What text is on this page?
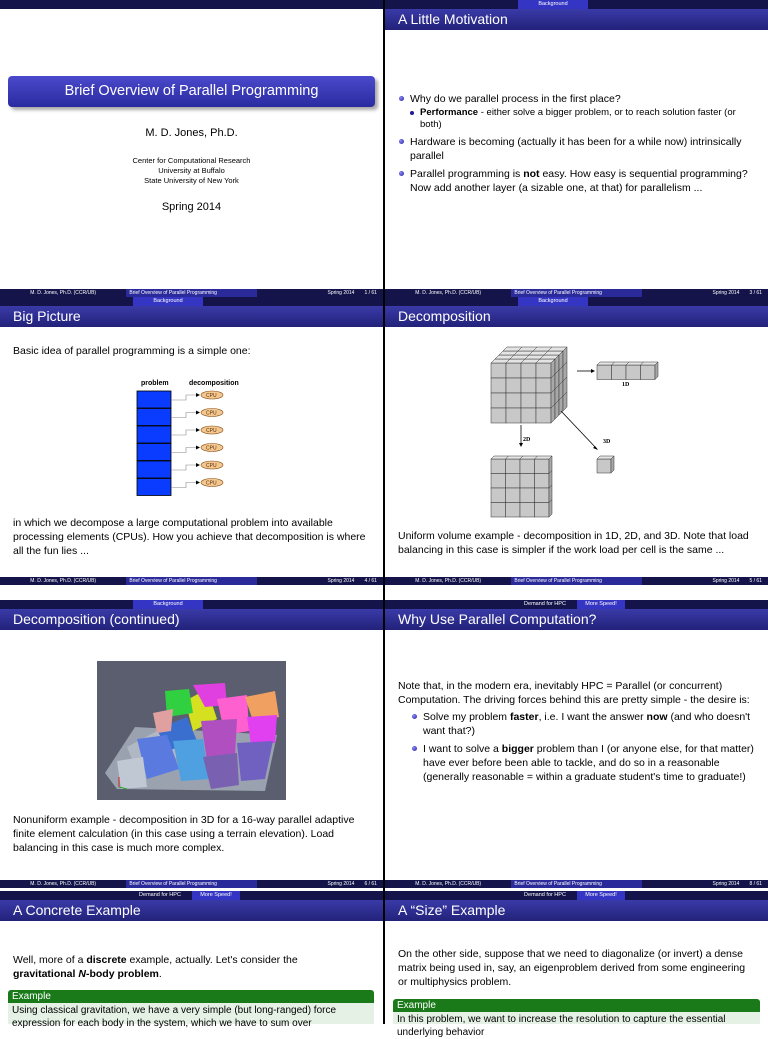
Brief Overview of Parallel Programming
M. D. Jones, Ph.D.
Center for Computational Research
University at Buffalo
State University of New York
Spring 2014
M. D. Jones, Ph.D. (CCR/UB)	Brief Overview of Parallel Programming	Spring 2014 1 / 61
Background
A Little Motivation
Why do we parallel process in the first place?
Performance - either solve a bigger problem, or to reach solution faster (or both)
Hardware is becoming (actually it has been for a while now) intrinsically parallel
Parallel programming is not easy. How easy is sequential programming? Now add another layer (a sizable one, at that) for parallelism ...
M. D. Jones, Ph.D. (CCR/UB)	Brief Overview of Parallel Programming	Spring 2014 3 / 61
Background
Big Picture
Basic idea of parallel programming is a simple one:
problem	decomposition
CPU
CPU
CPU
CPU
CPU
CPU
in which we decompose a large computational problem into available processing elements (CPUs). How you achieve that decomposition is where all the fun lies ...
M. D. Jones, Ph.D. (CCR/UB)	Brief Overview of Parallel Programming	Spring 2014 4 / 61
Background
Decomposition
1D
2D	3D
Uniform volume example - decomposition in 1D, 2D, and 3D. Note that load balancing in this case is simpler if the work load per cell is the same ...
M. D. Jones, Ph.D. (CCR/UB)	Brief Overview of Parallel Programming	Spring 2014 5 / 61
Background
Decomposition (continued)
Nonuniform example - decomposition in 3D for a 16-way parallel adaptive finite element calculation (in this case using a terrain elevation). Load balancing in this case is much more complex.
M. D. Jones, Ph.D. (CCR/UB)	Brief Overview of Parallel Programming	Spring 2014 6 / 61
Demand for HPC	More Speed!
Why Use Parallel Computation?
Note that, in the modern era, inevitably HPC = Parallel (or concurrent) Computation. The driving forces behind this are pretty simple - the desire is:
Solve my problem faster, i.e. I want the answer now (and who doesn't want that?)
I want to solve a bigger problem than I (or anyone else, for that matter) have ever before been able to tackle, and do so in a reasonable (generally reasonable = within a graduate student's time to graduate!)
M. D. Jones, Ph.D. (CCR/UB)	Brief Overview of Parallel Programming	Spring 2014 8 / 61
Demand for HPC	More Speed!
A Concrete Example
Well, more of a discrete example, actually. Let's consider the
gravitational N-body problem.
Example
Using classical gravitation, we have a very simple (but long-ranged) force expression for each body in the system, which we have to sum over
Demand for HPC	More Speed!
A “Size” Example
On the other side, suppose that we need to diagonalize (or invert) a dense matrix being used in, say, an eigenproblem derived from some engineering or multiphysics problem.
Example
In this problem, we want to increase the resolution to capture the essential underlying behavior
